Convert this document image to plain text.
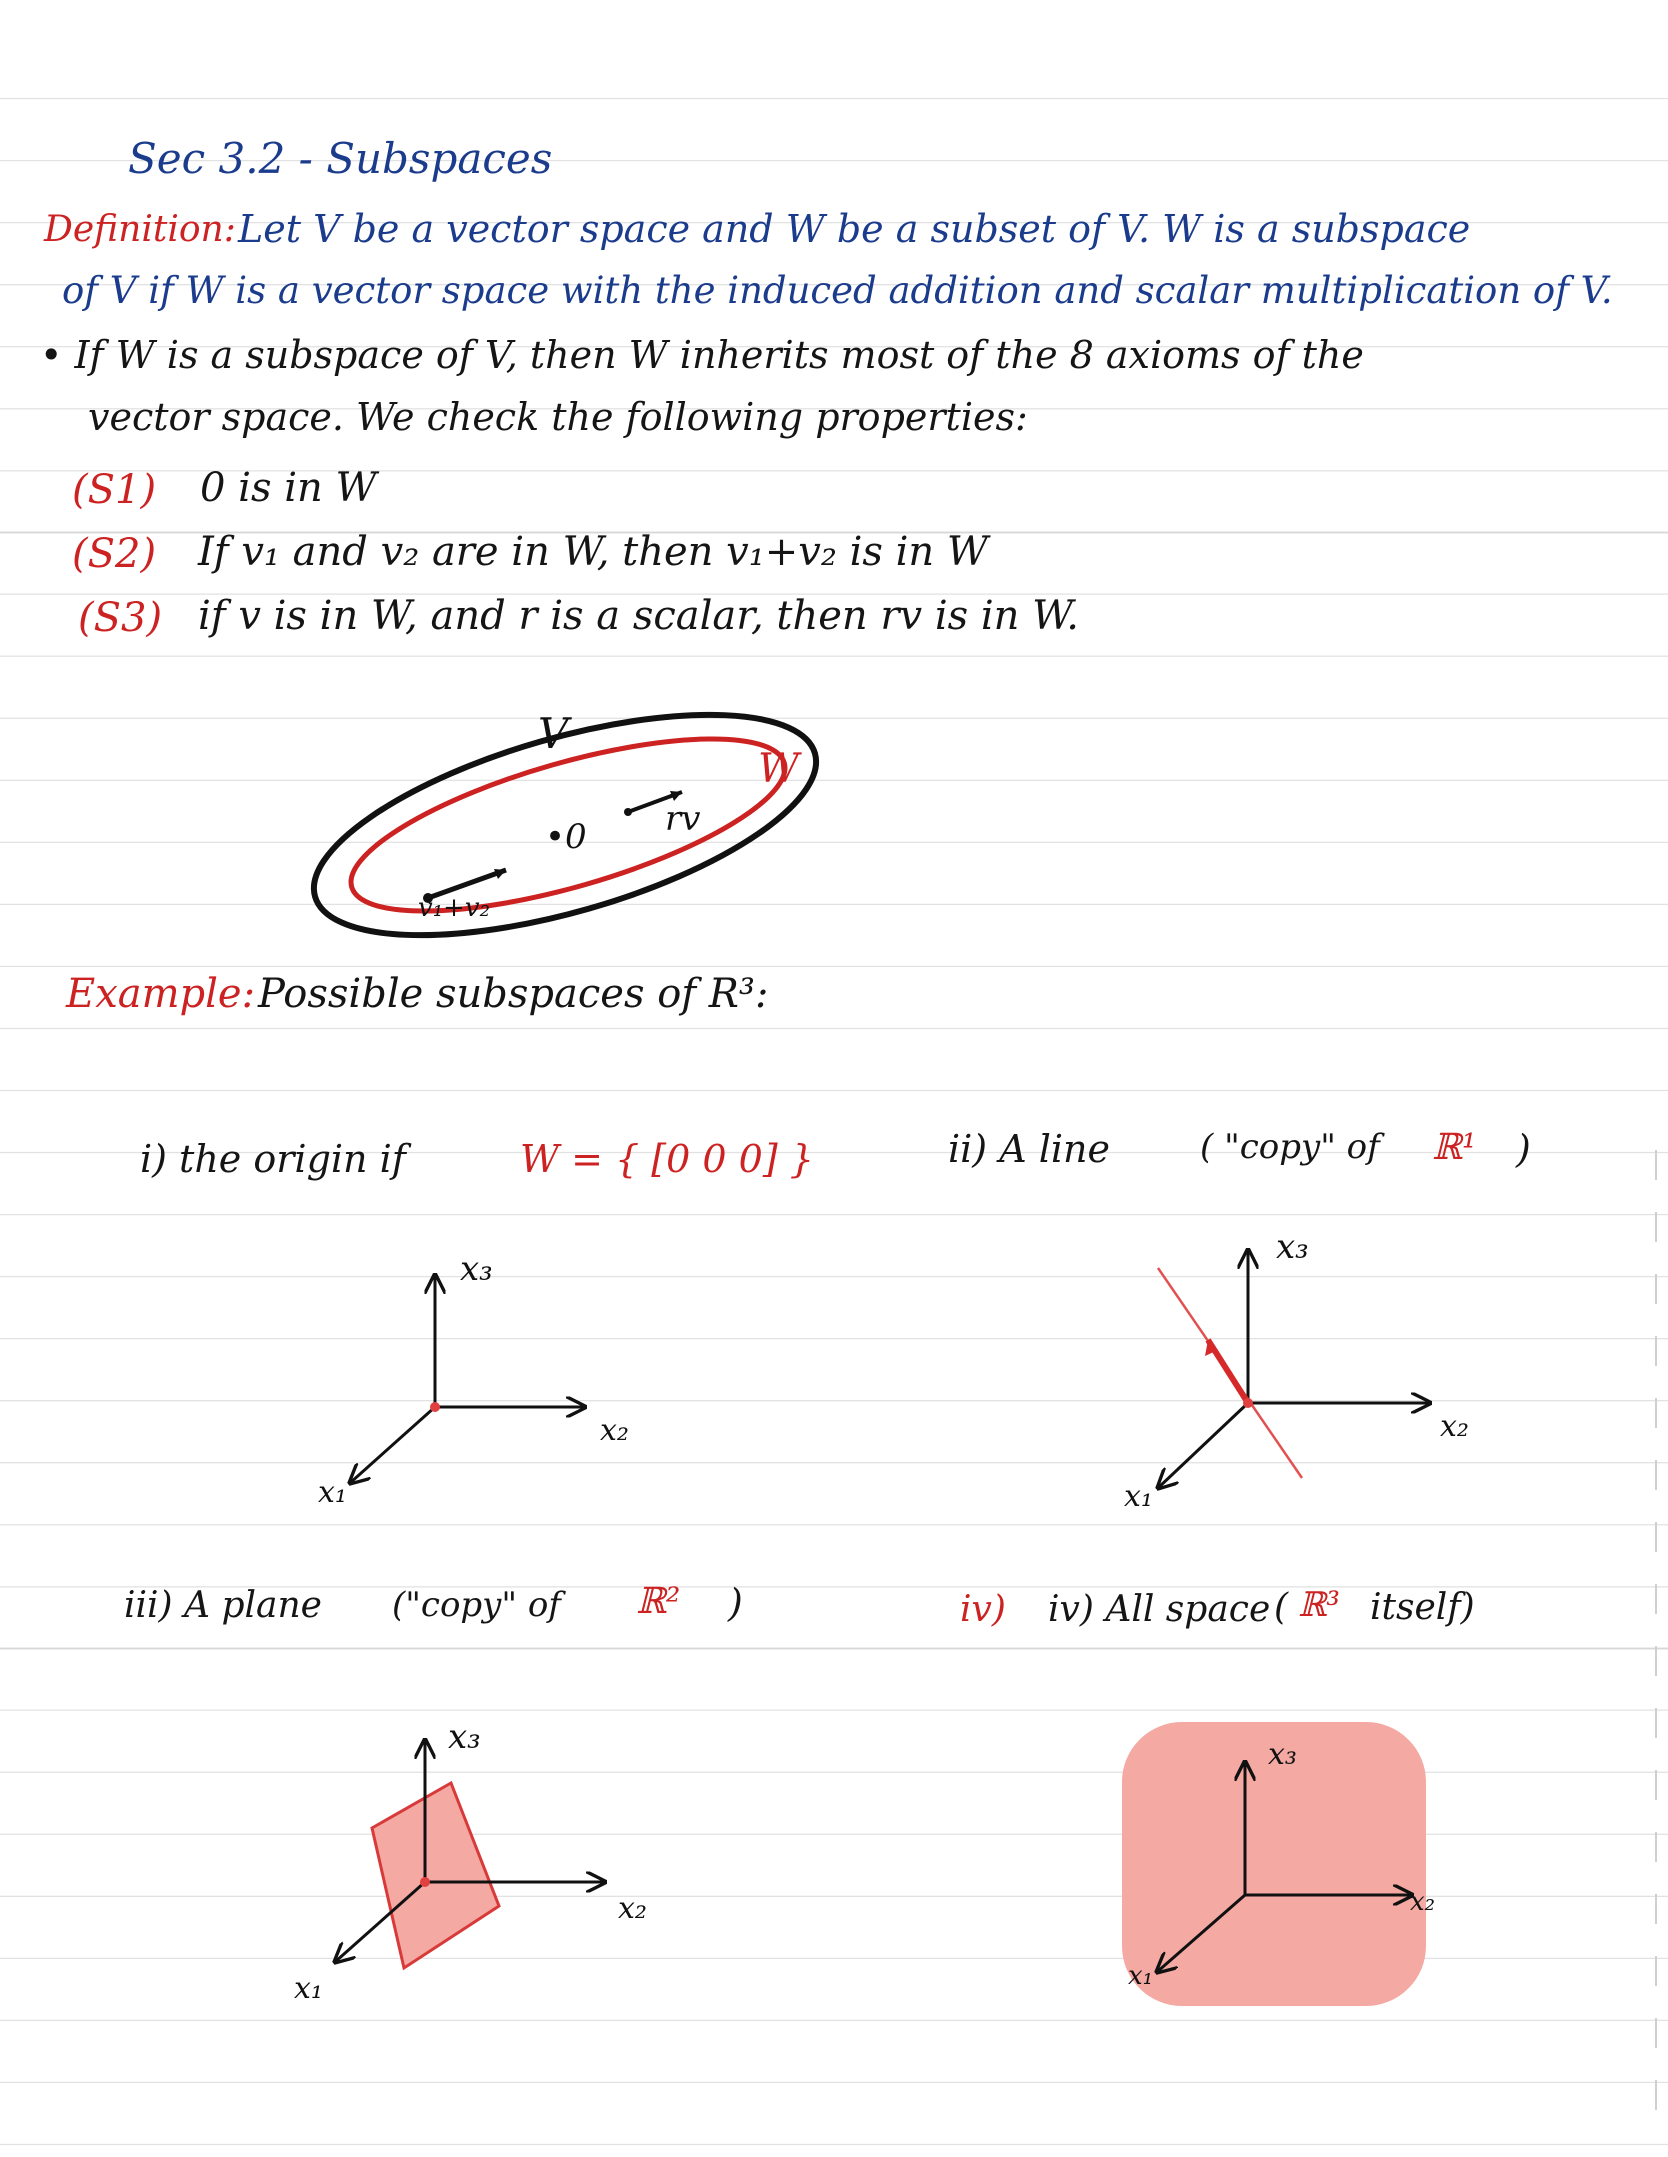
Sec 3.2 - Subspaces
Definition: Let V be a vector space and W be a subset of V. W is a subspace
of V if W is a vector space with the induced addition and scalar multiplication of V.
• If W is a subspace of V, then W inherits most of the 8 axioms of the
vector space. We check the following properties:
(S1) 0 is in W
(S2) If v₁ and v₂ are in W, then v₁+v₂ is in W
(S3) if v is in W, and r is a scalar, then rv is in W.
V
W
•0 rv
v₁+v₂
Example: Possible subspaces of R³:
i) the origin if	W = { [0 0 0] }	ii) A line	( "copy" of ℝ¹ )
iii) A plane ("copy" of ℝ² )	iv) iv) All space ( ℝ³ itself)
x₃
x₂
x₁
x₃
x₂
x₁
x₃
x₂
x₁
x₃
x₂
x₁
